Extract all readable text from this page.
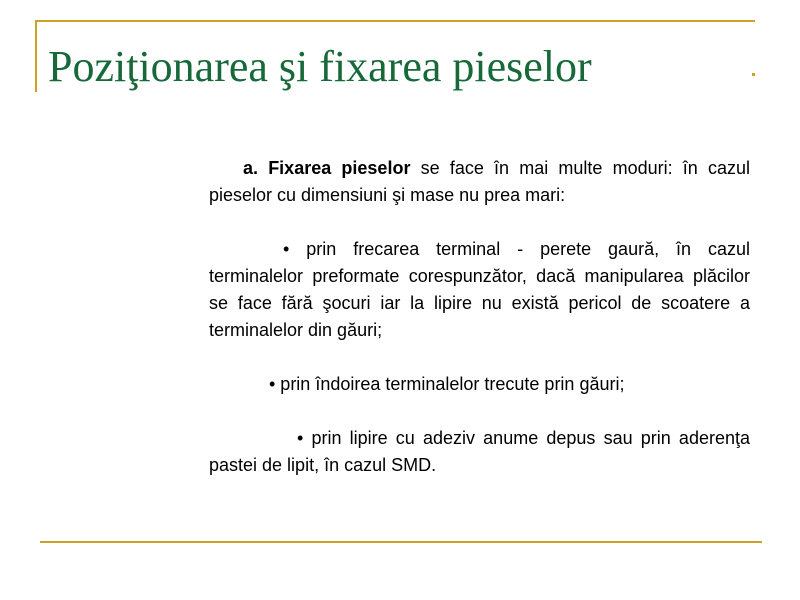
Poziţionarea şi fixarea pieselor

a. Fixarea pieselor se face în mai multe moduri: în cazul pieselor cu dimensiuni şi mase nu prea mari:

• prin frecarea terminal - perete gaură, în cazul terminalelor preformate corespunzător, dacă manipularea plăcilor se face fără şocuri iar la lipire nu există pericol de scoatere a terminalelor din găuri;

• prin îndoirea terminalelor trecute prin găuri;

• prin lipire cu adeziv anume depus sau prin aderenţa pastei de lipit, în cazul SMD.
